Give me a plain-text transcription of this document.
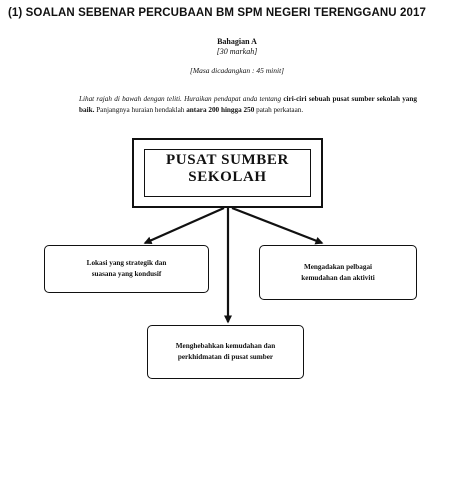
(1) SOALAN SEBENAR PERCUBAAN BM SPM NEGERI TERENGGANU 2017
Bahagian A
[30 markah]
[Masa dicadangkan : 45 minit]
Lihat rajah di bawah dengan teliti. Huraikan pendapat anda tentang ciri-ciri sebuah pusat sumber sekolah yang baik. Panjangnya huraian hendaklah antara 200 hingga 250 patah perkataan.
PUSAT SUMBER
SEKOLAH
Lokasi yang strategik dan
suasana yang kondusif
Mengadakan pelbagai
kemudahan dan aktiviti
Menghebahkan kemudahan dan
perkhidmatan di pusat sumber
